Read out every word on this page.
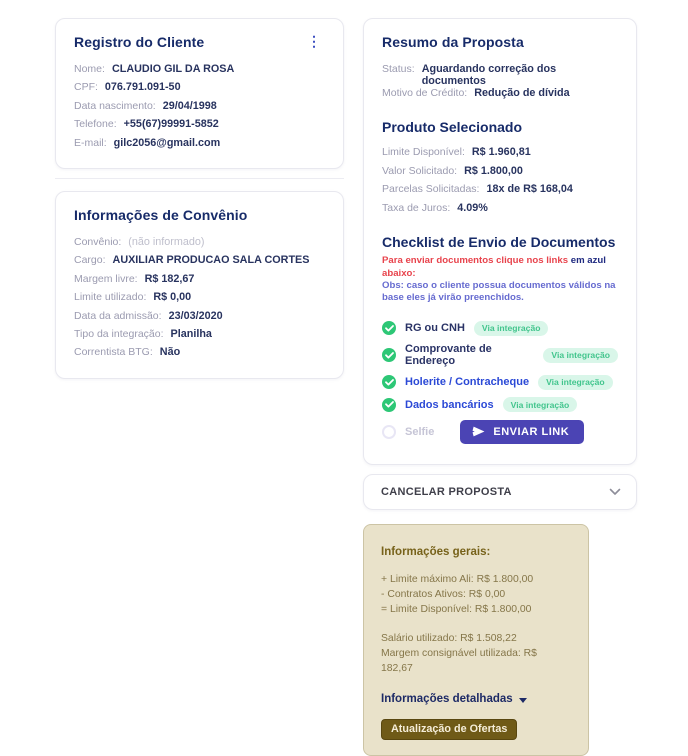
Registro do Cliente	⋮
Nome: CLAUDIO GIL DA ROSA
CPF: 076.791.091-50
Data nascimento: 29/04/1998
Telefone: +55(67)99991-5852
E-mail: gilc2056@gmail.com
Informações de Convênio
Convênio: (não informado)
Cargo: AUXILIAR PRODUCAO SALA CORTES
Margem livre: R$ 182,67
Limite utilizado: R$ 0,00
Data da admissão: 23/03/2020
Tipo da integração: Planilha
Correntista BTG: Não
Resumo da Proposta
Status: Aguardando correção dos documentos
Motivo de Crédito: Redução de dívida
Produto Selecionado
Limite Disponível: R$ 1.960,81
Valor Solicitado: R$ 1.800,00
Parcelas Solicitadas: 18x de R$ 168,04
Taxa de Juros: 4.09%
Checklist de Envio de Documentos
Para enviar documentos clique nos links em azul abaixo:
Obs: caso o cliente possua documentos válidos na base eles já virão preenchidos.
RG ou CNH	Via integração
Comprovante de Endereço	Via integração
Holerite / Contracheque	Via integração
Dados bancários	Via integração
Selfie	ENVIAR LINK
CANCELAR PROPOSTA
Informações gerais:
+ Limite máximo Ali: R$ 1.800,00
- Contratos Ativos: R$ 0,00
= Limite Disponível: R$ 1.800,00
Salário utilizado: R$ 1.508,22
Margem consignável utilizada: R$ 182,67
Informações detalhadas
Atualização de Ofertas
